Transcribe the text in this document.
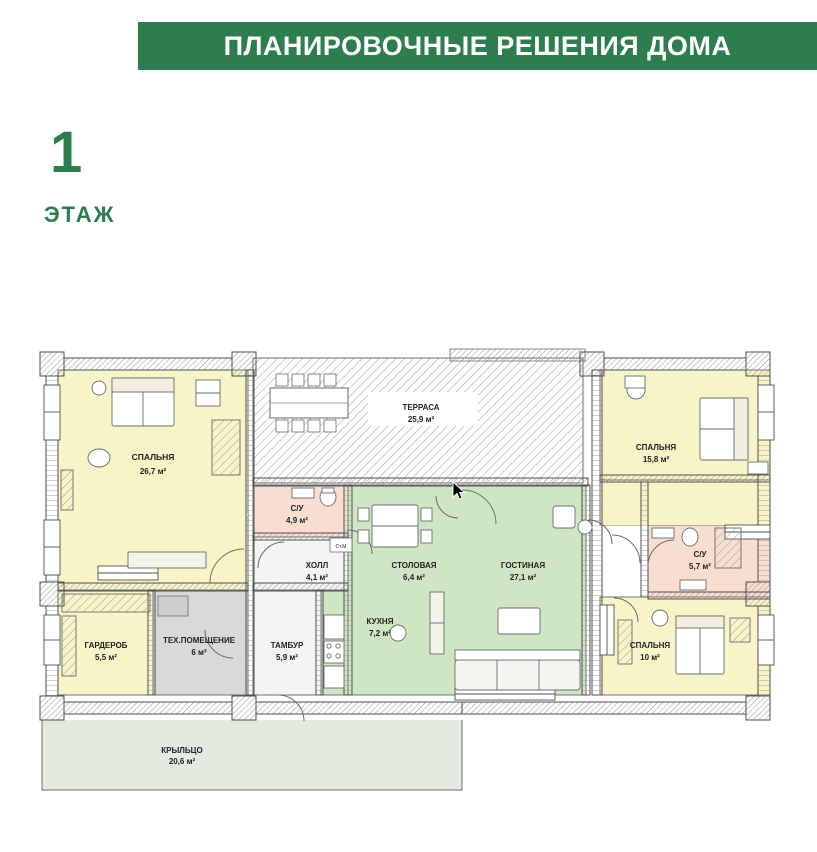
ПЛАНИРОВОЧНЫЕ РЕШЕНИЯ ДОМА
1
ЭТАЖ
КРЫЛЬЦО
20,6 м²
ТЕРРАСА
25,9 м²
Ст.М
СПАЛЬНЯ
26,7 м²
СПАЛЬНЯ
15,8 м²
С/У
4,9 м²
ХОЛЛ
4,1 м²
СТОЛОВАЯ
6,4 м²
ГОСТИНАЯ
27,1 м²
С/У
5,7 м²
КУХНЯ
7,2 м²
ГАРДЕРОБ
5,5 м²
ТЕХ.ПОМЕЩЕНИЕ
6 м²
ТАМБУР
5,9 м²
СПАЛЬНЯ
10 м²
